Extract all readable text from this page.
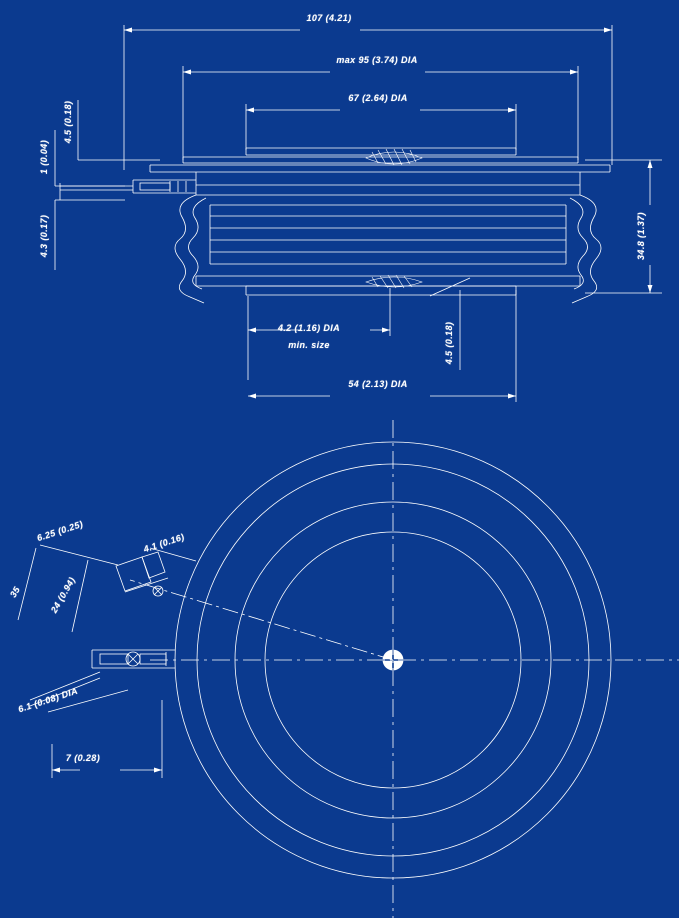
107 (4.21)
max 95 (3.74) DIA
67 (2.64) DIA
4.5 (0.18)
1 (0.04)
4.3 (0.17)	34.8 (1.37)
4.2 (1.16) DIA
min. size	4.5 (0.18)
54 (2.13) DIA
6.25 (0.25)	4.1 (0.16)
35	24 (0.94)
6.1 (0.08) DIA
7 (0.28)
